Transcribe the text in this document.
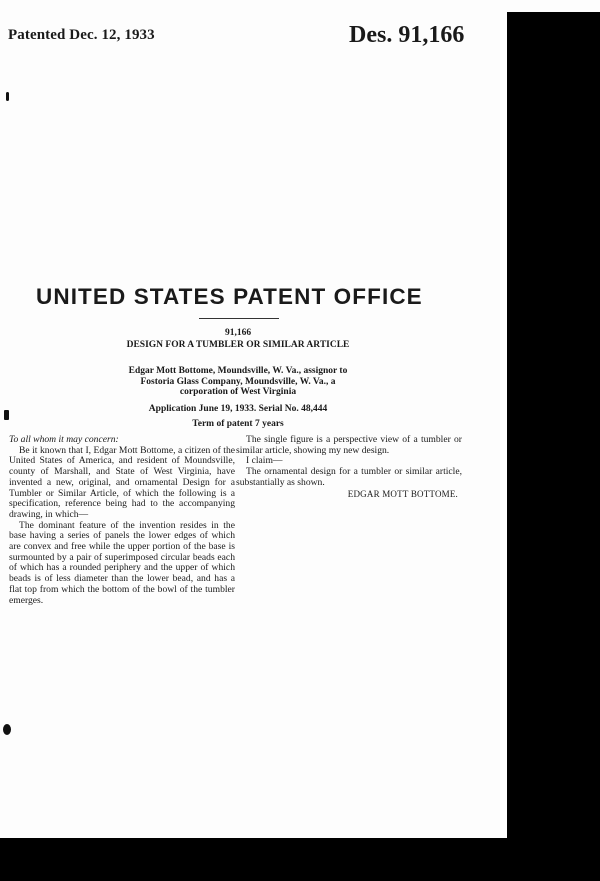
Patented Dec. 12, 1933	Des. 91,166
UNITED STATES PATENT OFFICE
91,166
DESIGN FOR A TUMBLER OR SIMILAR ARTICLE
Edgar Mott Bottome, Moundsville, W. Va., assignor to Fostoria Glass Company, Moundsville, W. Va., a corporation of West Virginia
Application June 19, 1933. Serial No. 48,444
Term of patent 7 years

To all whom it may concern:

Be it known that I, Edgar Mott Bottome, a citizen of the United States of America, and resident of Moundsville, county of Marshall, and State of West Virginia, have invented a new, original, and ornamental Design for a Tumbler or Similar Article, of which the following is a specification, reference being had to the accompanying drawing, in which—

The dominant feature of the invention resides in the base having a series of panels the lower edges of which are convex and free while the upper portion of the base is surmounted by a pair of superimposed circular beads each of which has a rounded periphery and the upper of which beads is of less diameter than the lower bead, and has a flat top from which the bottom of the bowl of the tumbler emerges.

The single figure is a perspective view of a tumbler or similar article, showing my new design.

I claim—

The ornamental design for a tumbler or similar article, substantially as shown.

EDGAR MOTT BOTTOME.
